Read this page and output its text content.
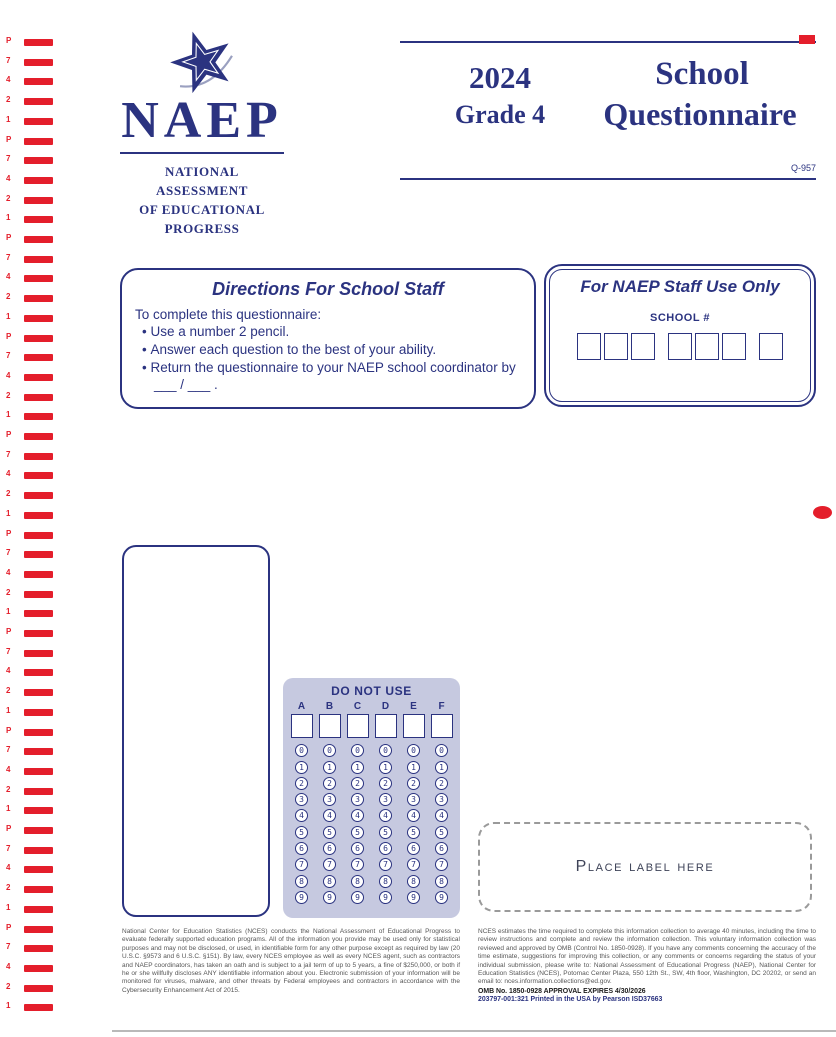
P
7
4
2
1
P
7
4
2
1
P
7
4
2
1
P
7
4
2
1
P
7
4
2
1
P
7
4
2
1
P
7
4
2
1
P
7
4
2
1
P
7
4
2
1
P
7
4
2
1
NAEP
NATIONAL ASSESSMENT
OF EDUCATIONAL
PROGRESS
2024
Grade 4
School
Questionnaire
Q-957
Directions For School Staff
To complete this questionnaire:
• Use a number 2 pencil.
• Answer each question to the best of your ability.
• Return the questionnaire to your NAEP school coordinator by ___ / ___ .
For NAEP Staff Use Only
SCHOOL #
DO NOT USE
A
0
1
2
3
4
5
6
7
8
9
B
0
1
2
3
4
5
6
7
8
9
C
0
1
2
3
4
5
6
7
8
9
D
0
1
2
3
4
5
6
7
8
9
E
0
1
2
3
4
5
6
7
8
9
F
0
1
2
3
4
5
6
7
8
9
Place label here
National Center for Education Statistics (NCES) conducts the National Assessment of Educational Progress to evaluate federally supported education programs. All of the information you provide may be used only for statistical purposes and may not be disclosed, or used, in identifiable form for any other purpose except as required by law (20 U.S.C. §9573 and 6 U.S.C. §151). By law, every NCES employee as well as every NCES agent, such as contractors and NAEP coordinators, has taken an oath and is subject to a jail term of up to 5 years, a fine of $250,000, or both if he or she willfully discloses ANY identifiable information about you. Electronic submission of your information will be monitored for viruses, malware, and other threats by Federal employees and contractors in accordance with the Cybersecurity Enhancement Act of 2015.
NCES estimates the time required to complete this information collection to average 40 minutes, including the time to review instructions and complete and review the information collection. This voluntary information collection was reviewed and approved by OMB (Control No. 1850-0928). If you have any comments concerning the accuracy of the time estimate, suggestions for improving this collection, or any comments or concerns regarding the status of your individual submission, please write to: National Assessment of Educational Progress (NAEP), National Center for Education Statistics (NCES), Potomac Center Plaza, 550 12th St., SW, 4th floor, Washington, DC 20202, or send an email to: nces.information.collections@ed.gov.
OMB No. 1850-0928 APPROVAL EXPIRES 4/30/2026
203797-001:321 Printed in the USA by Pearson ISD37663
